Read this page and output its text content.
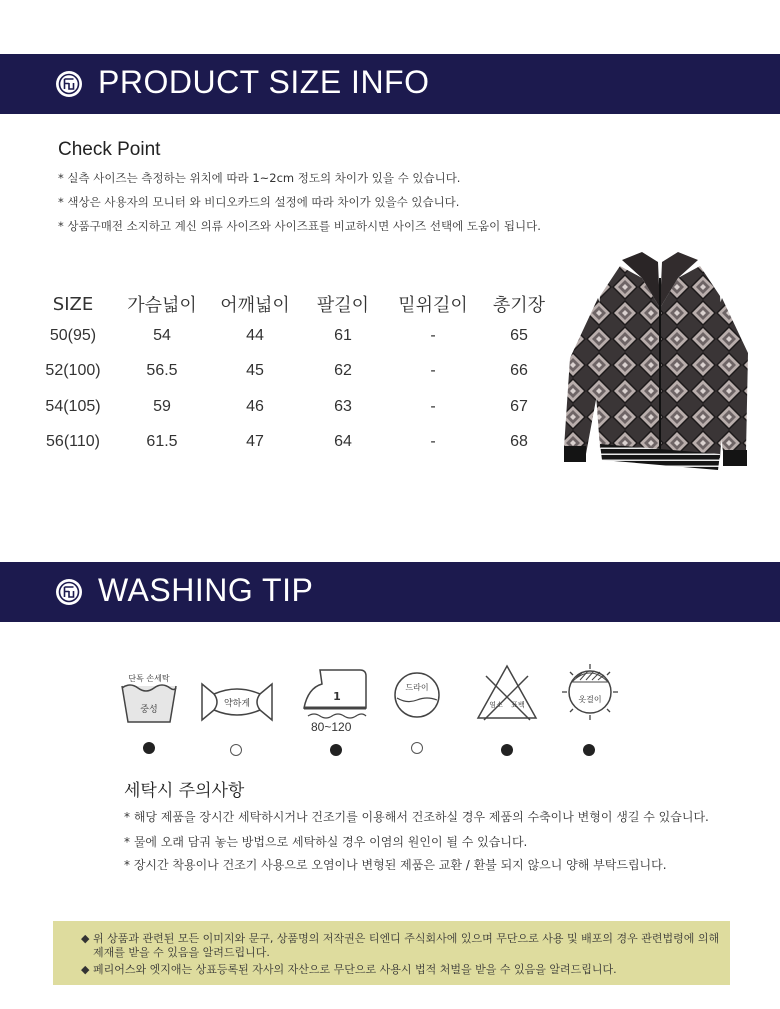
PRODUCT SIZE INFO
Check Point
* 실측 사이즈는 측정하는 위치에 따라 1~2cm 정도의 차이가 있을 수 있습니다.
* 색상은 사용자의 모니터 와 비디오카드의 설정에 따라 차이가 있을수 있습니다.
* 상품구매전 소지하고 계신 의류 사이즈와 사이즈표를 비교하시면 사이즈 선택에 도움이 됩니다.
SIZE	가슴넓이	어깨넓이	팔길이	밑위길이	총기장
50(95)	54	44	61	-	65
52(100)	56.5	45	62	-	66
54(105)	59	46	63	-	67
56(110)	61.5	47	64	-	68
WASHING TIP
단독 손세탁
중성
약하게
1
80~120
드라이
염소 표백
옷걸이
세탁시 주의사항
* 해당 제품을 장시간 세탁하시거나 건조기를 이용해서 건조하실 경우 제품의 수축이나 변형이 생길 수 있습니다.
* 물에 오래 담궈 놓는 방법으로 세탁하실 경우 이염의 원인이 될 수 있습니다.
* 장시간 착용이나 건조기 사용으로 오염이나 변형된 제품은 교환 / 환불 되지 않으니 양해 부탁드립니다.
◆ 위 상품과 관련된 모든 이미지와 문구, 상품명의 저작권은 티엔디 주식회사에 있으며 무단으로 사용 및 배포의 경우 관련법령에 의해
제재를 받을 수 있음을 알려드립니다.
◆ 페리어스와 엣지애는 상표등록된 자사의 자산으로 무단으로 사용시 법적 처벌을 받을 수 있음을 알려드립니다.
